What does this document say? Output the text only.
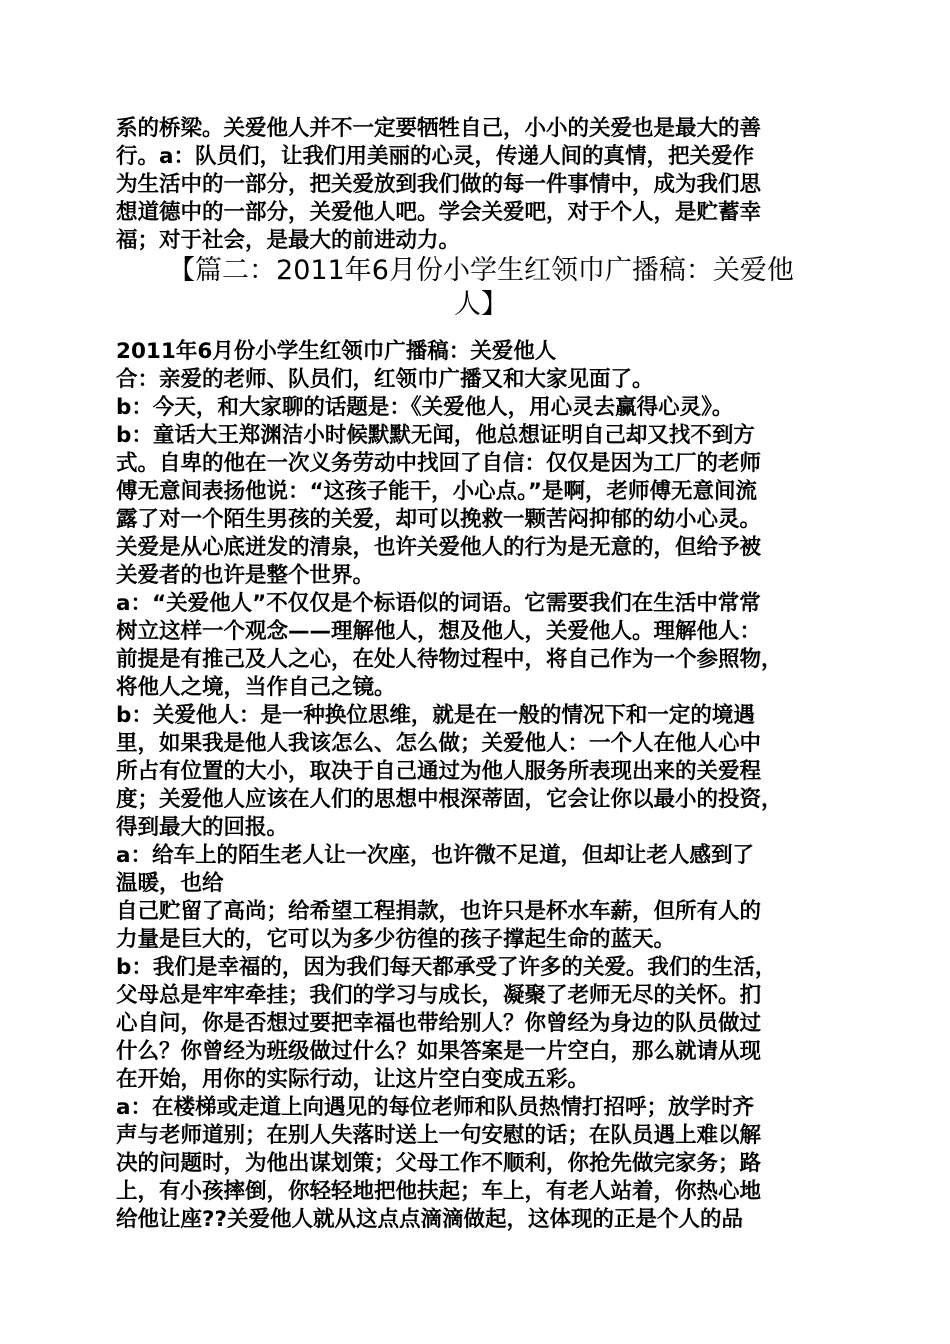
系的桥梁。关爱他人并不一定要牺牲自己，小小的关爱也是最大的善
行。a：队员们，让我们用美丽的心灵，传递人间的真情，把关爱作
为生活中的一部分，把关爱放到我们做的每一件事情中，成为我们思
想道德中的一部分，关爱他人吧。学会关爱吧，对于个人，是贮蓄幸
福；对于社会，是最大的前进动力。
【篇二：2011年6月份小学生红领巾广播稿：关爱他
人】
2011年6月份小学生红领巾广播稿：关爱他人
合：亲爱的老师、队员们，红领巾广播又和大家见面了。
b：今天，和大家聊的话题是：《关爱他人，用心灵去赢得心灵》。
b：童话大王郑渊洁小时候默默无闻，他总想证明自己却又找不到方
式。自卑的他在一次义务劳动中找回了自信：仅仅是因为工厂的老师
傅无意间表扬他说：“这孩子能干，小心点。”是啊，老师傅无意间流
露了对一个陌生男孩的关爱，却可以挽救一颗苦闷抑郁的幼小心灵。
关爱是从心底迸发的清泉，也许关爱他人的行为是无意的，但给予被
关爱者的也许是整个世界。
a：“关爱他人”不仅仅是个标语似的词语。它需要我们在生活中常常
树立这样一个观念——理解他人，想及他人，关爱他人。理解他人：
前提是有推己及人之心，在处人待物过程中，将自己作为一个参照物，
将他人之境，当作自己之镜。
b：关爱他人：是一种换位思维，就是在一般的情况下和一定的境遇
里，如果我是他人我该怎么、怎么做；关爱他人：一个人在他人心中
所占有位置的大小，取决于自己通过为他人服务所表现出来的关爱程
度；关爱他人应该在人们的思想中根深蒂固，它会让你以最小的投资，
得到最大的回报。
a：给车上的陌生老人让一次座，也许微不足道，但却让老人感到了
温暖，也给
自己贮留了高尚；给希望工程捐款，也许只是杯水车薪，但所有人的
力量是巨大的，它可以为多少彷徨的孩子撑起生命的蓝天。
b：我们是幸福的，因为我们每天都承受了许多的关爱。我们的生活，
父母总是牢牢牵挂；我们的学习与成长，凝聚了老师无尽的关怀。扪
心自问，你是否想过要把幸福也带给别人？你曾经为身边的队员做过
什么？你曾经为班级做过什么？如果答案是一片空白，那么就请从现
在开始，用你的实际行动，让这片空白变成五彩。
a：在楼梯或走道上向遇见的每位老师和队员热情打招呼；放学时齐
声与老师道别；在别人失落时送上一句安慰的话；在队员遇上难以解
决的问题时，为他出谋划策；父母工作不顺利，你抢先做完家务；路
上，有小孩摔倒，你轻轻地把他扶起；车上，有老人站着，你热心地
给他让座??关爱他人就从这点点滴滴做起，这体现的正是个人的品
